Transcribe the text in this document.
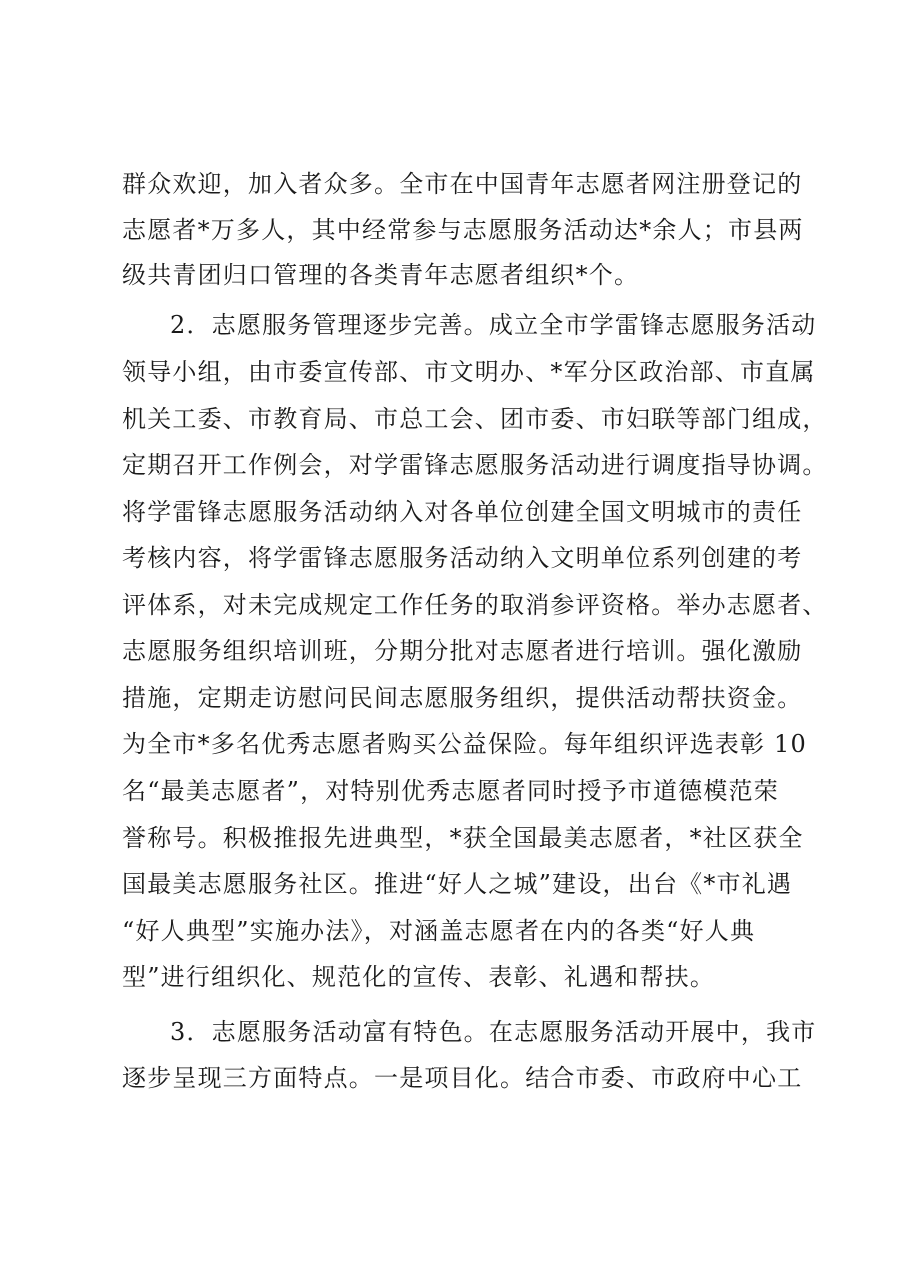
群众欢迎，加入者众多。全市在中国青年志愿者网注册登记的
志愿者*万多人，其中经常参与志愿服务活动达*余人；市县两
级共青团归口管理的各类青年志愿者组织*个。
2．志愿服务管理逐步完善。成立全市学雷锋志愿服务活动
领导小组，由市委宣传部、市文明办、*军分区政治部、市直属
机关工委、市教育局、市总工会、团市委、市妇联等部门组成，
定期召开工作例会，对学雷锋志愿服务活动进行调度指导协调。
将学雷锋志愿服务活动纳入对各单位创建全国文明城市的责任
考核内容，将学雷锋志愿服务活动纳入文明单位系列创建的考
评体系，对未完成规定工作任务的取消参评资格。举办志愿者、
志愿服务组织培训班，分期分批对志愿者进行培训。强化激励
措施，定期走访慰问民间志愿服务组织，提供活动帮扶资金。
为全市*多名优秀志愿者购买公益保险。每年组织评选表彰 10
名“最美志愿者”，对特别优秀志愿者同时授予市道德模范荣
誉称号。积极推报先进典型，*获全国最美志愿者，*社区获全
国最美志愿服务社区。推进“好人之城”建设，出台《*市礼遇
“好人典型”实施办法》，对涵盖志愿者在内的各类“好人典
型”进行组织化、规范化的宣传、表彰、礼遇和帮扶。
3．志愿服务活动富有特色。在志愿服务活动开展中，我市
逐步呈现三方面特点。一是项目化。结合市委、市政府中心工
